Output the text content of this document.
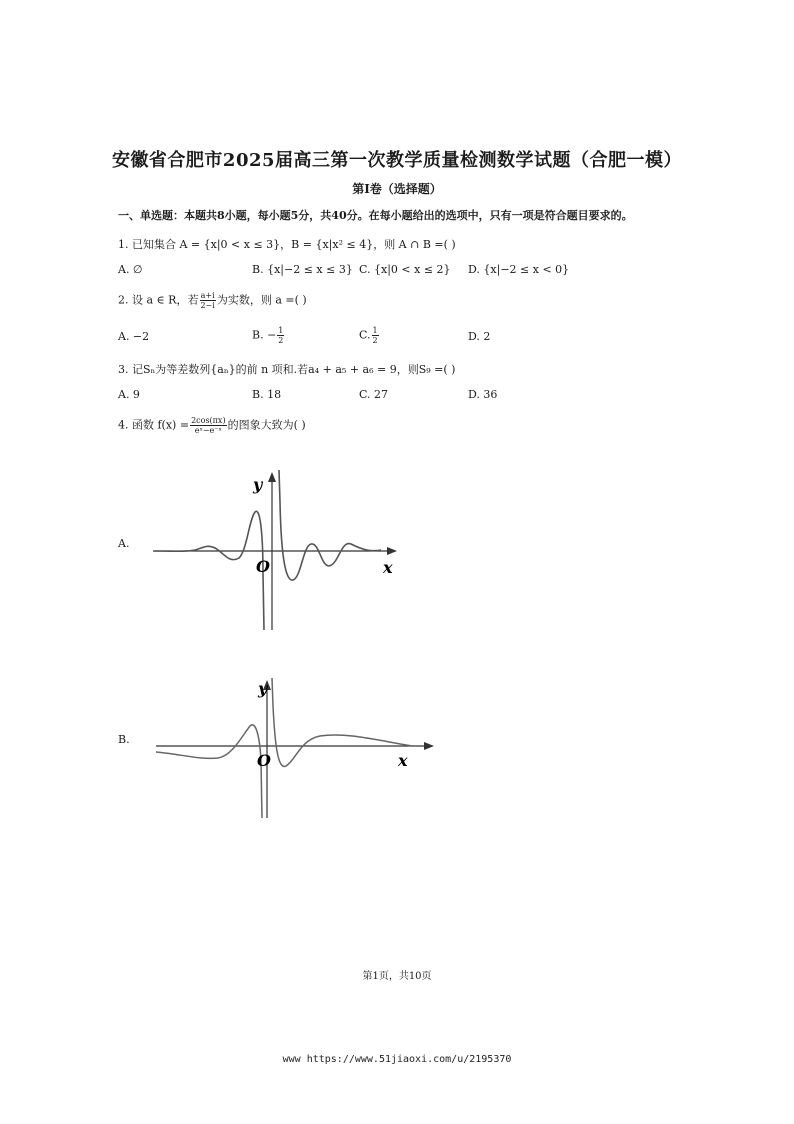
安徽省合肥市2025届高三第一次教学质量检测数学试题（合肥一模）
第I卷（选择题）
一、单选题：本题共8小题，每小题5分，共40分。在每小题给出的选项中，只有一项是符合题目要求的。
1. 已知集合 A = {x|0 < x ≤ 3}，B = {x|x² ≤ 4}，则 A ∩ B =( )
A. ∅	B. {x|−2 ≤ x ≤ 3} C. {x|0 < x ≤ 2} D. {x|−2 ≤ x < 0}
2. 设 a ∈ R，若 $\frac{a+i}{2-i}$ 为实数，则 a =( )
A. −2	B. − $\frac{1}{2}$	C. $\frac{1}{2}$	D. 2
3. 记Sₙ为等差数列{aₙ}的前 n 项和.若a₄ + a₅ + a₆ = 9，则S₉ =( )
A. 9	B. 18	C. 27	D. 36
4. 函数 $f(x) = \frac{2\cos(\pi x)}{\text{eˣ−e⁻ˣ}}$ 的图象大致为( )
A.
y
x
O
B.
y
x
O
第1页，共10页
www https://www.51jiaoxi.com/u/2195370
